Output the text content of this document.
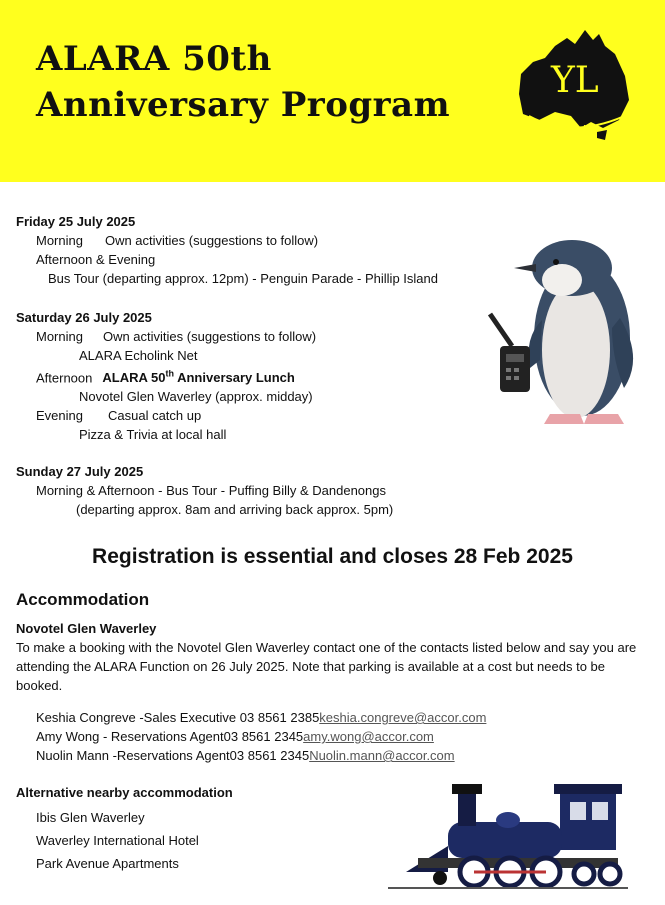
ALARA 50th
Anniversary Program
YL
A.L.A.R.A.
Friday 25 July 2025
Morning Own activities (suggestions to follow)
Afternoon & Evening
Bus Tour (departing approx. 12pm) - Penguin Parade - Phillip Island
Saturday 26 July 2025
Morning Own activities (suggestions to follow)
ALARA Echolink Net
Afternoon ALARA 50th Anniversary Lunch
Novotel Glen Waverley (approx. midday)
Evening Casual catch up
Pizza & Trivia at local hall
Sunday 27 July 2025
Morning & Afternoon - Bus Tour - Puffing Billy & Dandenongs
(departing approx. 8am and arriving back approx. 5pm)
Registration is essential and closes 28 Feb 2025
Accommodation
Novotel Glen Waverley
To make a booking with the Novotel Glen Waverley contact one of the contacts listed below and say you are attending the ALARA Function on 26 July 2025. Note that parking is available at a cost but needs to be booked.
Keshia Congreve -Sales Executive 03 8561 2385keshia.congreve@accor.com
Amy Wong - Reservations Agent03 8561 2345amy.wong@accor.com
Nuolin Mann -Reservations Agent03 8561 2345Nuolin.mann@accor.com
Alternative nearby accommodation
Ibis Glen Waverley
Waverley International Hotel
Park Avenue Apartments
